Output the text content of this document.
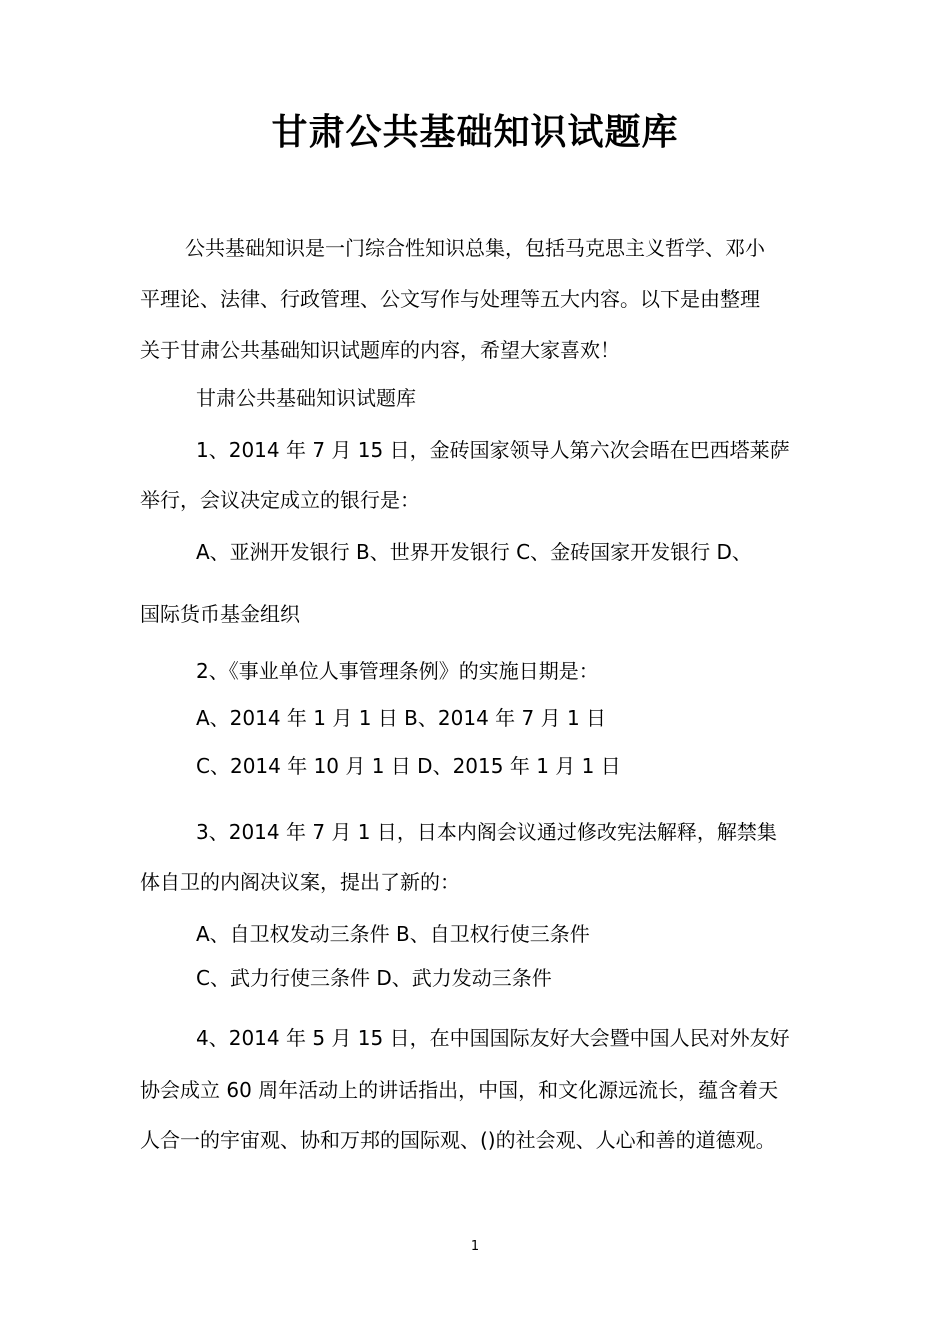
甘肃公共基础知识试题库
公共基础知识是一门综合性知识总集，包括马克思主义哲学、邓小
平理论、法律、行政管理、公文写作与处理等五大内容。以下是由整理
关于甘肃公共基础知识试题库的内容，希望大家喜欢！
甘肃公共基础知识试题库
1、2014 年 7 月 15 日，金砖国家领导人第六次会晤在巴西塔莱萨
举行，会议决定成立的银行是：
A、亚洲开发银行 B、世界开发银行 C、金砖国家开发银行 D、
国际货币基金组织
2、《事业单位人事管理条例》的实施日期是：
A、2014 年 1 月 1 日 B、2014 年 7 月 1 日
C、2014 年 10 月 1 日 D、2015 年 1 月 1 日
3、2014 年 7 月 1 日，日本内阁会议通过修改宪法解释，解禁集
体自卫的内阁决议案，提出了新的：
A、自卫权发动三条件 B、自卫权行使三条件
C、武力行使三条件 D、武力发动三条件
4、2014 年 5 月 15 日，在中国国际友好大会暨中国人民对外友好
协会成立 60 周年活动上的讲话指出，中国，和文化源远流长，蕴含着天
人合一的宇宙观、协和万邦的国际观、()的社会观、人心和善的道德观。
1
